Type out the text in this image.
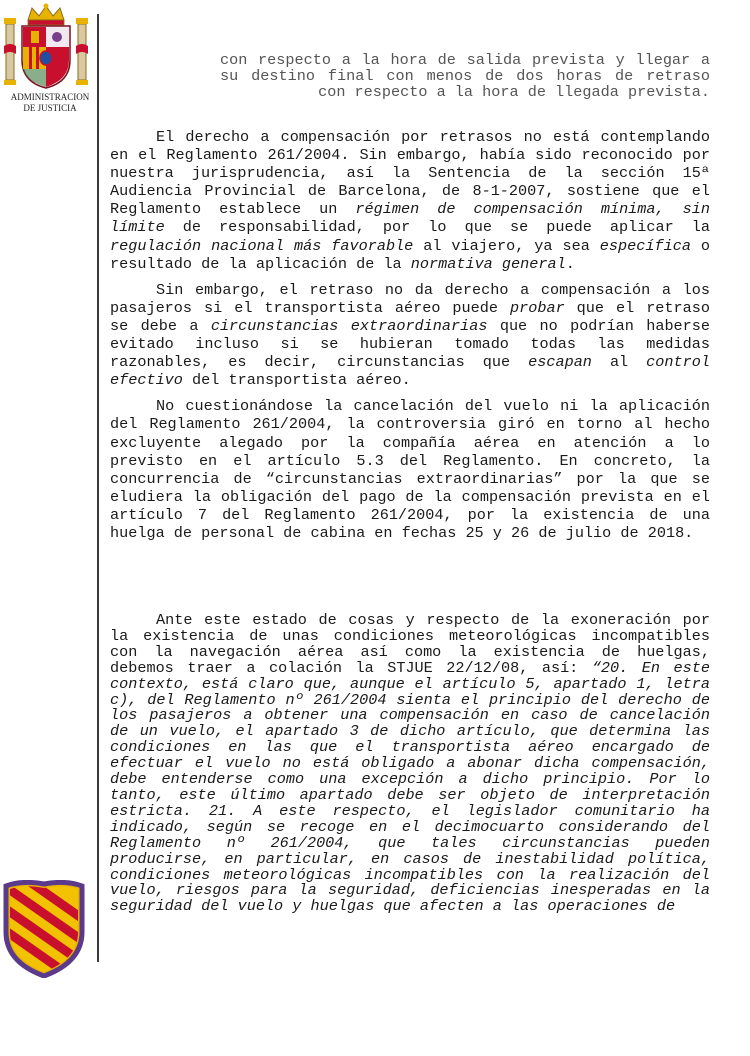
ADMINISTRACION
DE JUSTICIA

con respecto a la hora de salida prevista y llegar a su destino final con menos de dos horas de retraso con respecto a la hora de llegada prevista.

El derecho a compensación por retrasos no está contemplando en el Reglamento 261/2004. Sin embargo, había sido reconocido por nuestra jurisprudencia, así la Sentencia de la sección 15ª Audiencia Provincial de Barcelona, de 8-1-2007, sostiene que el Reglamento establece un régimen de compensación mínima, sin límite de responsabilidad, por lo que se puede aplicar la regulación nacional más favorable al viajero, ya sea específica o resultado de la aplicación de la normativa general.

Sin embargo, el retraso no da derecho a compensación a los pasajeros si el transportista aéreo puede probar que el retraso se debe a circunstancias extraordinarias que no podrían haberse evitado incluso si se hubieran tomado todas las medidas razonables, es decir, circunstancias que escapan al control efectivo del transportista aéreo.

No cuestionándose la cancelación del vuelo ni la aplicación del Reglamento 261/2004, la controversia giró en torno al hecho excluyente alegado por la compañía aérea en atención a lo previsto en el artículo 5.3 del Reglamento. En concreto, la concurrencia de “circunstancias extraordinarias” por la que se eludiera la obligación del pago de la compensación prevista en el artículo 7 del Reglamento 261/2004, por la existencia de una huelga de personal de cabina en fechas 25 y 26 de julio de 2018.

Ante este estado de cosas y respecto de la exoneración por la existencia de unas condiciones meteorológicas incompatibles con la navegación aérea así como la existencia de huelgas, debemos traer a colación la STJUE 22/12/08, así: “20. En este contexto, está claro que, aunque el artículo 5, apartado 1, letra c), del Reglamento nº 261/2004 sienta el principio del derecho de los pasajeros a obtener una compensación en caso de cancelación de un vuelo, el apartado 3 de dicho artículo, que determina las condiciones en las que el transportista aéreo encargado de efectuar el vuelo no está obligado a abonar dicha compensación, debe entenderse como una excepción a dicho principio. Por lo tanto, este último apartado debe ser objeto de interpretación estricta. 21. A este respecto, el legislador comunitario ha indicado, según se recoge en el decimocuarto considerando del Reglamento nº 261/2004, que tales circunstancias pueden producirse, en particular, en casos de inestabilidad política, condiciones meteorológicas incompatibles con la realización del vuelo, riesgos para la seguridad, deficiencias inesperadas en la seguridad del vuelo y huelgas que afecten a las operaciones de
